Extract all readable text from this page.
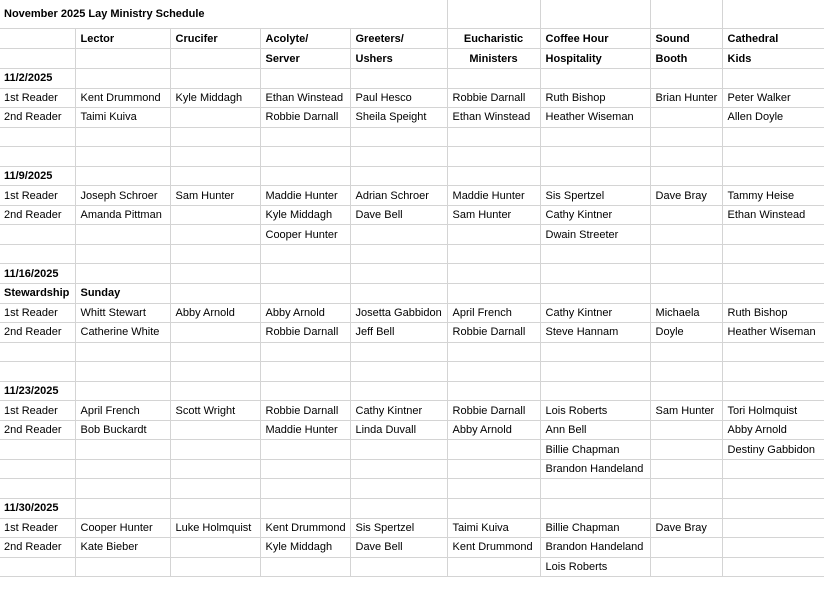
November 2025 Lay Ministry Schedule								
	Lector	Crucifer	Acolyte/	Greeters/	Eucharistic	Coffee Hour	Sound	Cathedral
			Server	Ushers	Ministers	Hospitality	Booth	Kids
11/2/2025								
1st Reader	Kent Drummond	Kyle Middagh	Ethan Winstead	Paul Hesco	Robbie Darnall	Ruth Bishop	Brian Hunter	Peter Walker
2nd Reader	Taimi Kuiva		Robbie Darnall	Sheila Speight	Ethan Winstead	Heather Wiseman		Allen Doyle

11/9/2025								
1st Reader	Joseph Schroer	Sam Hunter	Maddie Hunter	Adrian Schroer	Maddie Hunter	Sis Spertzel	Dave Bray	Tammy Heise
2nd Reader	Amanda Pittman		Kyle Middagh	Dave Bell	Sam Hunter	Cathy Kintner		Ethan Winstead
			Cooper Hunter			Dwain Streeter		

11/16/2025								
Stewardship	Sunday							
1st Reader	Whitt Stewart	Abby Arnold	Abby Arnold	Josetta Gabbidon	April French	Cathy Kintner	Michaela	Ruth Bishop
2nd Reader	Catherine White		Robbie Darnall	Jeff Bell	Robbie Darnall	Steve Hannam	Doyle	Heather Wiseman

11/23/2025								
1st Reader	April French	Scott Wright	Robbie Darnall	Cathy Kintner	Robbie Darnall	Lois Roberts	Sam Hunter	Tori Holmquist
2nd Reader	Bob Buckardt		Maddie Hunter	Linda Duvall	Abby Arnold	Ann Bell		Abby Arnold
						Billie Chapman		Destiny Gabbidon
						Brandon Handeland		

11/30/2025								
1st Reader	Cooper Hunter	Luke Holmquist	Kent Drummond	Sis Spertzel	Taimi Kuiva	Billie Chapman	Dave Bray	
2nd Reader	Kate Bieber		Kyle Middagh	Dave Bell	Kent Drummond	Brandon Handeland		
						Lois Roberts		
